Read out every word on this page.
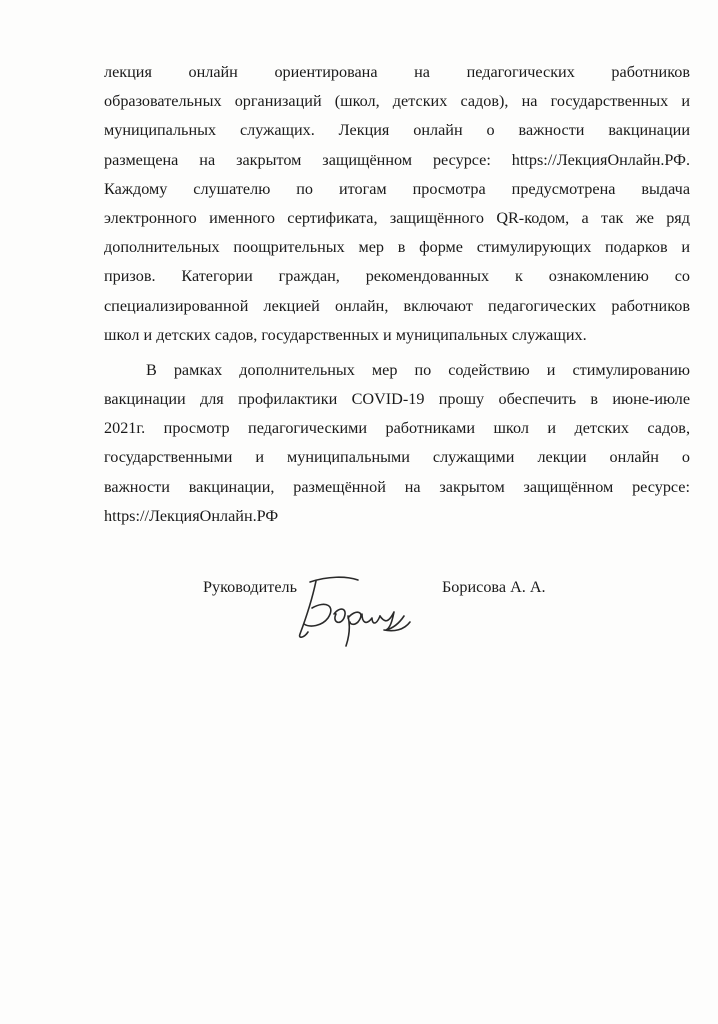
лекция онлайн ориентирована на педагогических работников
образовательных организаций (школ, детских садов), на государственных и
муниципальных служащих. Лекция онлайн о важности вакцинации
размещена на закрытом защищённом ресурсе: https://ЛекцияОнлайн.РФ.
Каждому слушателю по итогам просмотра предусмотрена выдача
электронного именного сертификата, защищённого QR-кодом, а так же ряд
дополнительных поощрительных мер в форме стимулирующих подарков и
призов. Категории граждан, рекомендованных к ознакомлению со
специализированной лекцией онлайн, включают педагогических работников
школ и детских садов, государственных и муниципальных служащих.
В рамках дополнительных мер по содействию и стимулированию
вакцинации для профилактики COVID-19 прошу обеспечить в июне-июле
2021г. просмотр педагогическими работниками школ и детских садов,
государственными и муниципальными служащими лекции онлайн о
важности вакцинации, размещённой на закрытом защищённом ресурсе:
https://ЛекцияОнлайн.РФ
Руководитель	Борисова А. А.
